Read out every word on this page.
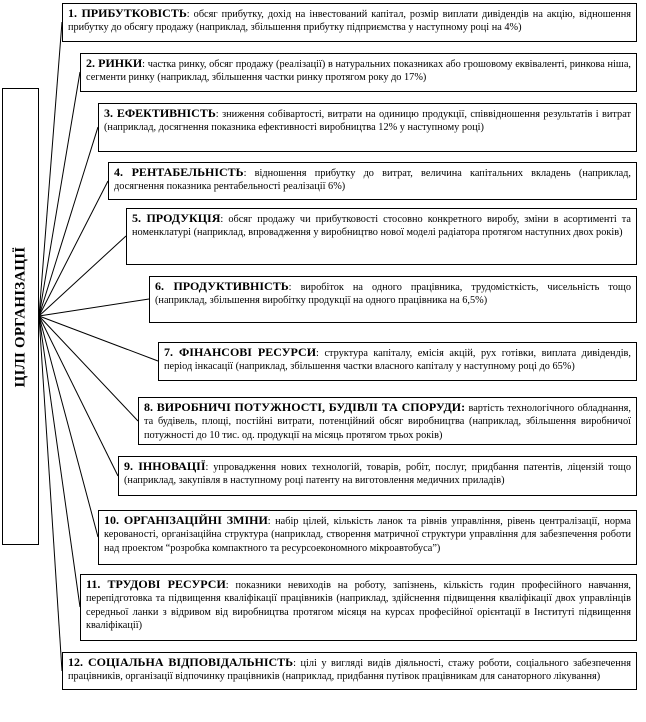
ЦІЛІ ОРГАНІЗАЦІЇ
1. ПРИБУТКОВІСТЬ: обсяг прибутку, дохід на інвестований капітал, розмір виплати дивідендів на акцію, відношення прибутку до обсягу продажу (наприклад, збільшення прибутку підприємства у наступному році на 4%)
2. РИНКИ: частка ринку, обсяг продажу (реалізації) в натуральних показниках або грошовому еквіваленті, ринкова ніша, сегменти ринку (наприклад, збільшення частки ринку протягом року до 17%)
3. ЕФЕКТИВНІСТЬ: зниження собівартості, витрати на одиницю продукції, співвідношення результатів і витрат (наприклад, досягнення показника ефективності виробництва 12% у наступному році)
4. РЕНТАБЕЛЬНІСТЬ: відношення прибутку до витрат, величина капітальних вкладень (наприклад, досягнення показника рентабельності реалізації 6%)
5. ПРОДУКЦІЯ: обсяг продажу чи прибутковості стосовно конкретного виробу, зміни в асортименті та номенклатурі (наприклад, впровадження у виробництво нової моделі радіатора протягом наступних двох років)
6. ПРОДУКТИВНІСТЬ: виробіток на одного працівника, трудомісткість, чисельність тощо (наприклад, збільшення виробітку продукції на одного працівника на 6,5%)
7. ФІНАНСОВІ РЕСУРСИ: структура капіталу, емісія акцій, рух готівки, виплата дивідендів, період інкасації (наприклад, збільшення частки власного капіталу у наступному році до 65%)
8. ВИРОБНИЧІ ПОТУЖНОСТІ, БУДІВЛІ ТА СПОРУДИ: вартість технологічного обладнання, та будівель, площі, постійні витрати, потенційний обсяг виробництва (наприклад, збільшення виробничої потужності до 10 тис. од. продукції на місяць протягом трьох років)
9. ІННОВАЦІЇ: упровадження нових технологій, товарів, робіт, послуг, придбання патентів, ліцензій тощо (наприклад, закупівля в наступному році патенту на виготовлення медичних приладів)
10. ОРГАНІЗАЦІЙНІ ЗМІНИ: набір цілей, кількість ланок та рівнів управління, рівень централізації, норма керованості, організаційна структура (наприклад, створення матричної структури управління для забезпечення роботи над проектом “розробка компактного та ресурсоекономного мікроавтобуса”)
11. ТРУДОВІ РЕСУРСИ: показники невиходів на роботу, запізнень, кількість годин професійного навчання, перепідготовка та підвищення кваліфікації працівників (наприклад, здійснення підвищення кваліфікації двох управлінців середньої ланки з відривом від виробництва протягом місяця на курсах професійної орієнтації в Інституті підвищення кваліфікації)
12. СОЦІАЛЬНА ВІДПОВІДАЛЬНІСТЬ: цілі у вигляді видів діяльності, стажу роботи, соціального забезпечення працівників, організації відпочинку працівників (наприклад, придбання путівок працівникам для санаторного лікування)
